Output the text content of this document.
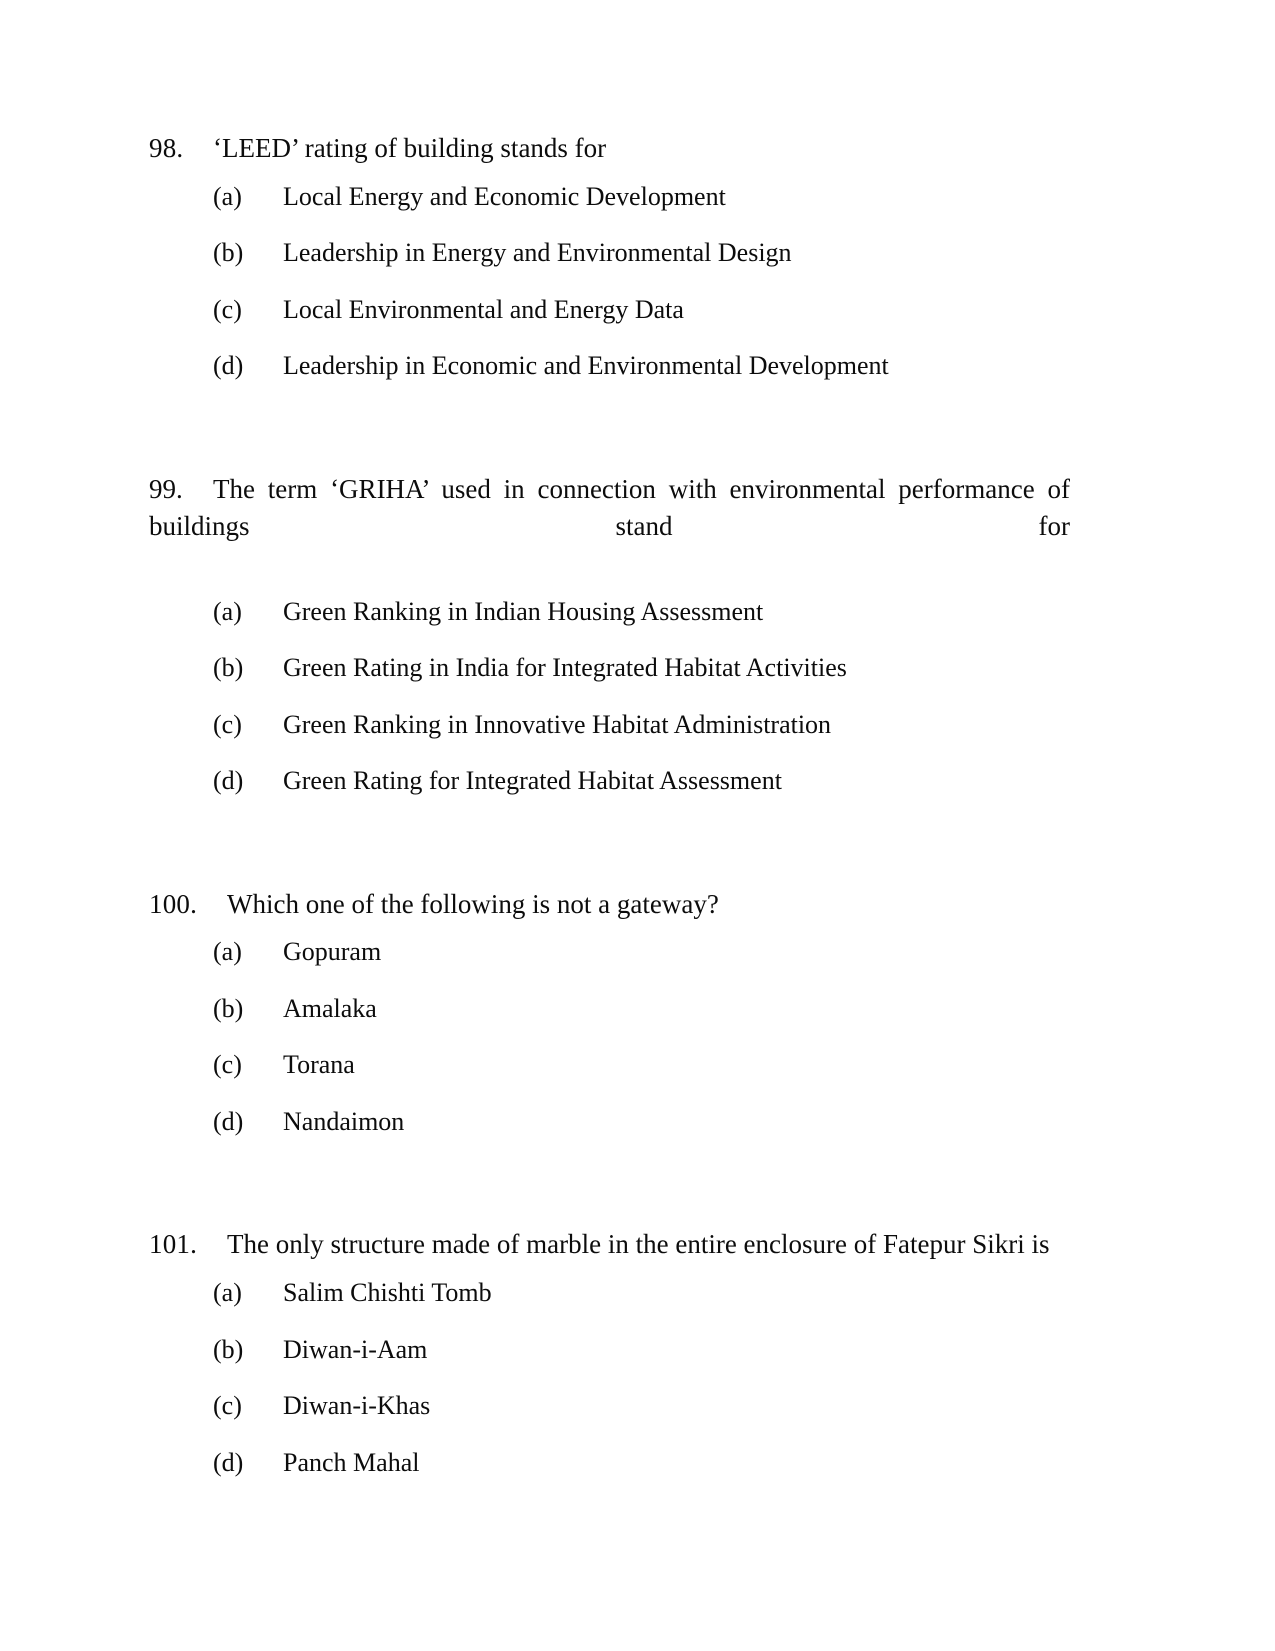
98. ‘LEED’ rating of building stands for
(a)	Local Energy and Economic Development
(b)	Leadership in Energy and Environmental Design
(c)	Local Environmental and Energy Data
(d)	Leadership in Economic and Environmental Development
99. The term ‘GRIHA’ used in connection with environmental performance of buildings stand for
(a)	Green Ranking in Indian Housing Assessment
(b)	Green Rating in India for Integrated Habitat Activities
(c)	Green Ranking in Innovative Habitat Administration
(d)	Green Rating for Integrated Habitat Assessment
100. Which one of the following is not a gateway?
(a)	Gopuram
(b)	Amalaka
(c)	Torana
(d)	Nandaimon
101. The only structure made of marble in the entire enclosure of Fatepur Sikri is
(a)	Salim Chishti Tomb
(b)	Diwan-i-Aam
(c)	Diwan-i-Khas
(d)	Panch Mahal
